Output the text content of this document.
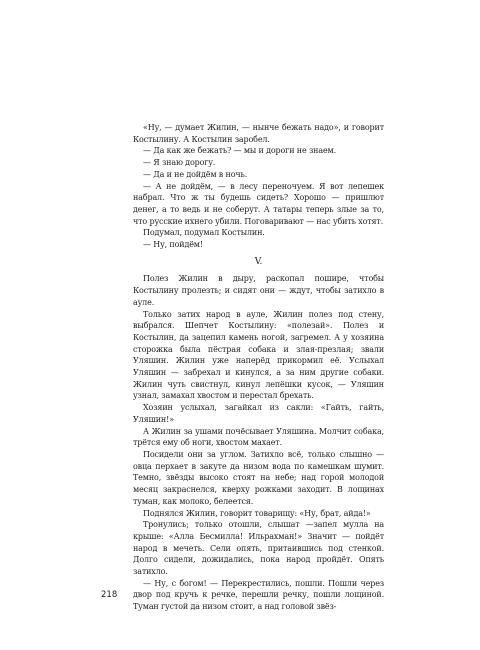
«Ну, — думает Жилин, — нынче бежать надо», и говорит Костылину. А Костылин заробел.

— Да как же бежать? — мы и дороги не знаем.

— Я знаю дорогу.

— Да и не дойдём в ночь.

— А не дойдём, — в лесу переночуем. Я вот лепешек набрал. Что ж ты будешь сидеть? Хорошо — пришлют денег, а то ведь и не соберут. А татары теперь злые за то, что русские ихнего убили. Поговаривают — нас убить хотят.

Подумал, подумал Костылин.

— Ну, пойдём!

V.

Полез Жилин в дыру, раскопал пошире, чтобы Костылину пролезть; и сидят они — ждут, чтобы затихло в ауле.

Только затих народ в ауле, Жилин полез под стену, выбрался. Шепчет Костылину: «полезай». Полез и Костылин, да зацепил камень ногой, загремел. А у хозяина сторожка была пёстрая собака и злая-презлая; звали Уляшин. Жилин уже наперёд прикормил её. Услыхал Уляшин — забрехал и кинулся, а за ним другие собаки. Жилин чуть свистнул, кинул лепёшки кусок, — Уляшин узнал, замахал хвостом и перестал брехать.

Хозяин услыхал, загайкал из сакли: «Гайть, гайть, Уляшин!»

А Жилин за ушами почёсывает Уляшина. Молчит собака, трётся ему об ноги, хвостом махает.

Посидели они за углом. Затихло всё, только слышно — овца перхает в закуте да низом вода по камешкам шумит. Темно, звёзды высоко стоят на небе; над горой молодой месяц закраснелся, кверху рожками заходит. В лощинах туман, как молоко, белеется.

Поднялся Жилин, говорит товарищу: «Ну, брат, айда!»

Тронулись; только отошли, слышат —запел мулла на крыше: «Алла Бесмилла! Ильрахман!» Значит — пойдёт народ в мечеть. Сели опять, притаившись под стенкой. Долго сидели, дожидались, пока народ пройдёт. Опять затихло.

— Ну, с богом! — Перекрестились, пошли. Пошли через двор под кручь к речке, перешли речку, пошли лощиной. Туман густой да низом стоит, а над головой звёз-

218
